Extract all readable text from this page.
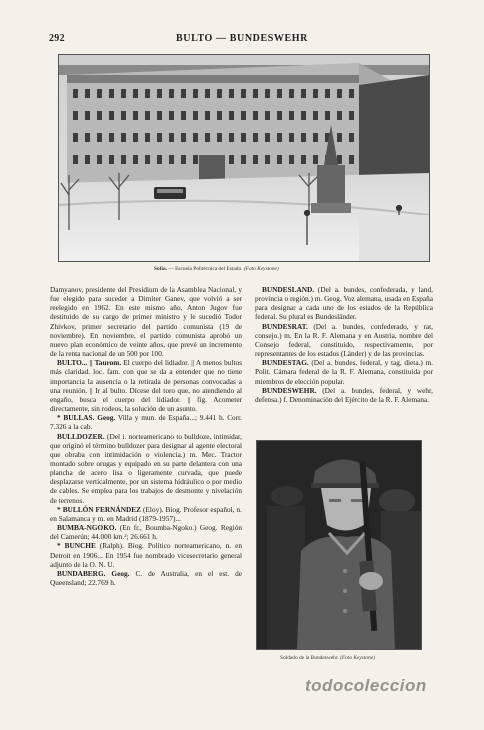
292	BULTO — BUNDESWEHR
Sofía. — Escuela Politécnica del Estado. (Foto Keystone)

Damyanov, presidente del Presidium de la Asamblea Nacional, y fue elegido para suceder a Dimiter Ganev, que volvió a ser reelegido en 1962. En este mismo año, Anton Jugov fue destituido de su cargo de primer ministro y le sucedió Todor Zhivkov, primer secretario del partido comunista (19 de noviembre). En noviembre, el partido comunista aprobó un nuevo plan económico de veinte años, que prevé un incremento de la renta nacional de un 500 por 100.

BULTO... || Taurom. El cuerpo del lidiador. || A menos bultos más claridad. loc. fam. con que se da a entender que no tiene importancia la ausencia o la retirada de personas convocadas a una reunión. || Ir al bulto. Dícese del toro que, no atendiendo al engaño, busca el cuerpo del lidiador. || fig. Acometer directamente, sin rodeos, la solución de un asunto.

* BULLAS. Geog. Villa y mun. de España...; 9.441 h. Corr. 7.326 a la cab.

BULLDOZER. (Del i. norteamericano to bulldoze, intimidar, que originó el término bulldozer para designar al agente electoral que obraba con intimidación o violencia.) m. Mec. Tractor montado sobre orugas y equipado en su parte delantera con una plancha de acero lisa o ligeramente curvada, que puede desplazarse verticalmente, por un sistema hidráulico o por medio de cables. Se emplea para los trabajos de desmonte y nivelación de terrenos.

* BULLÓN FERNÁNDEZ (Eloy). Biog. Profesor español, n. en Salamanca y m. en Madrid (1879-1957)...

BUMBA-NGOKO. (En fr., Boumba-Ngoko.) Geog. Región del Camerún; 44.000 km.²; 26.661 h.

* BUNCHE (Ralph). Biog. Político norteamericano, n. en Detroit en 1906... En 1954 fue nombrado vicesecretario general adjunto de la O. N. U.

BUNDABERG. Geog. C. de Australia, en el est. de Queensland; 22.769 h.

BUNDESLAND. (Del a. bundes, confederada, y land, provincia o región.) m. Geog. Voz alemana, usada en España para designar a cada uno de los estados de la República federal. Su plural es Bundesländer.

BUNDESRAT. (Del a. bundes, confederado, y rat, consejo.) m. En la R. F. Alemana y en Austria, nombre del Consejo federal, constituido, respectivamente, por representantes de los estados (Länder) y de las provincias.

BUNDESTAG. (Del a. bundes, federal, y tag, dieta.) m. Polit. Cámara federal de la R. F. Alemana, constituida por miembros de elección popular.

BUNDESWEHR. (Del a. bundes, federal, y wehr, defensa.) f. Denominación del Ejército de la R. F. Alemana.

Soldado de la Bundeswehr. (Foto Keystone)
todocoleccion
